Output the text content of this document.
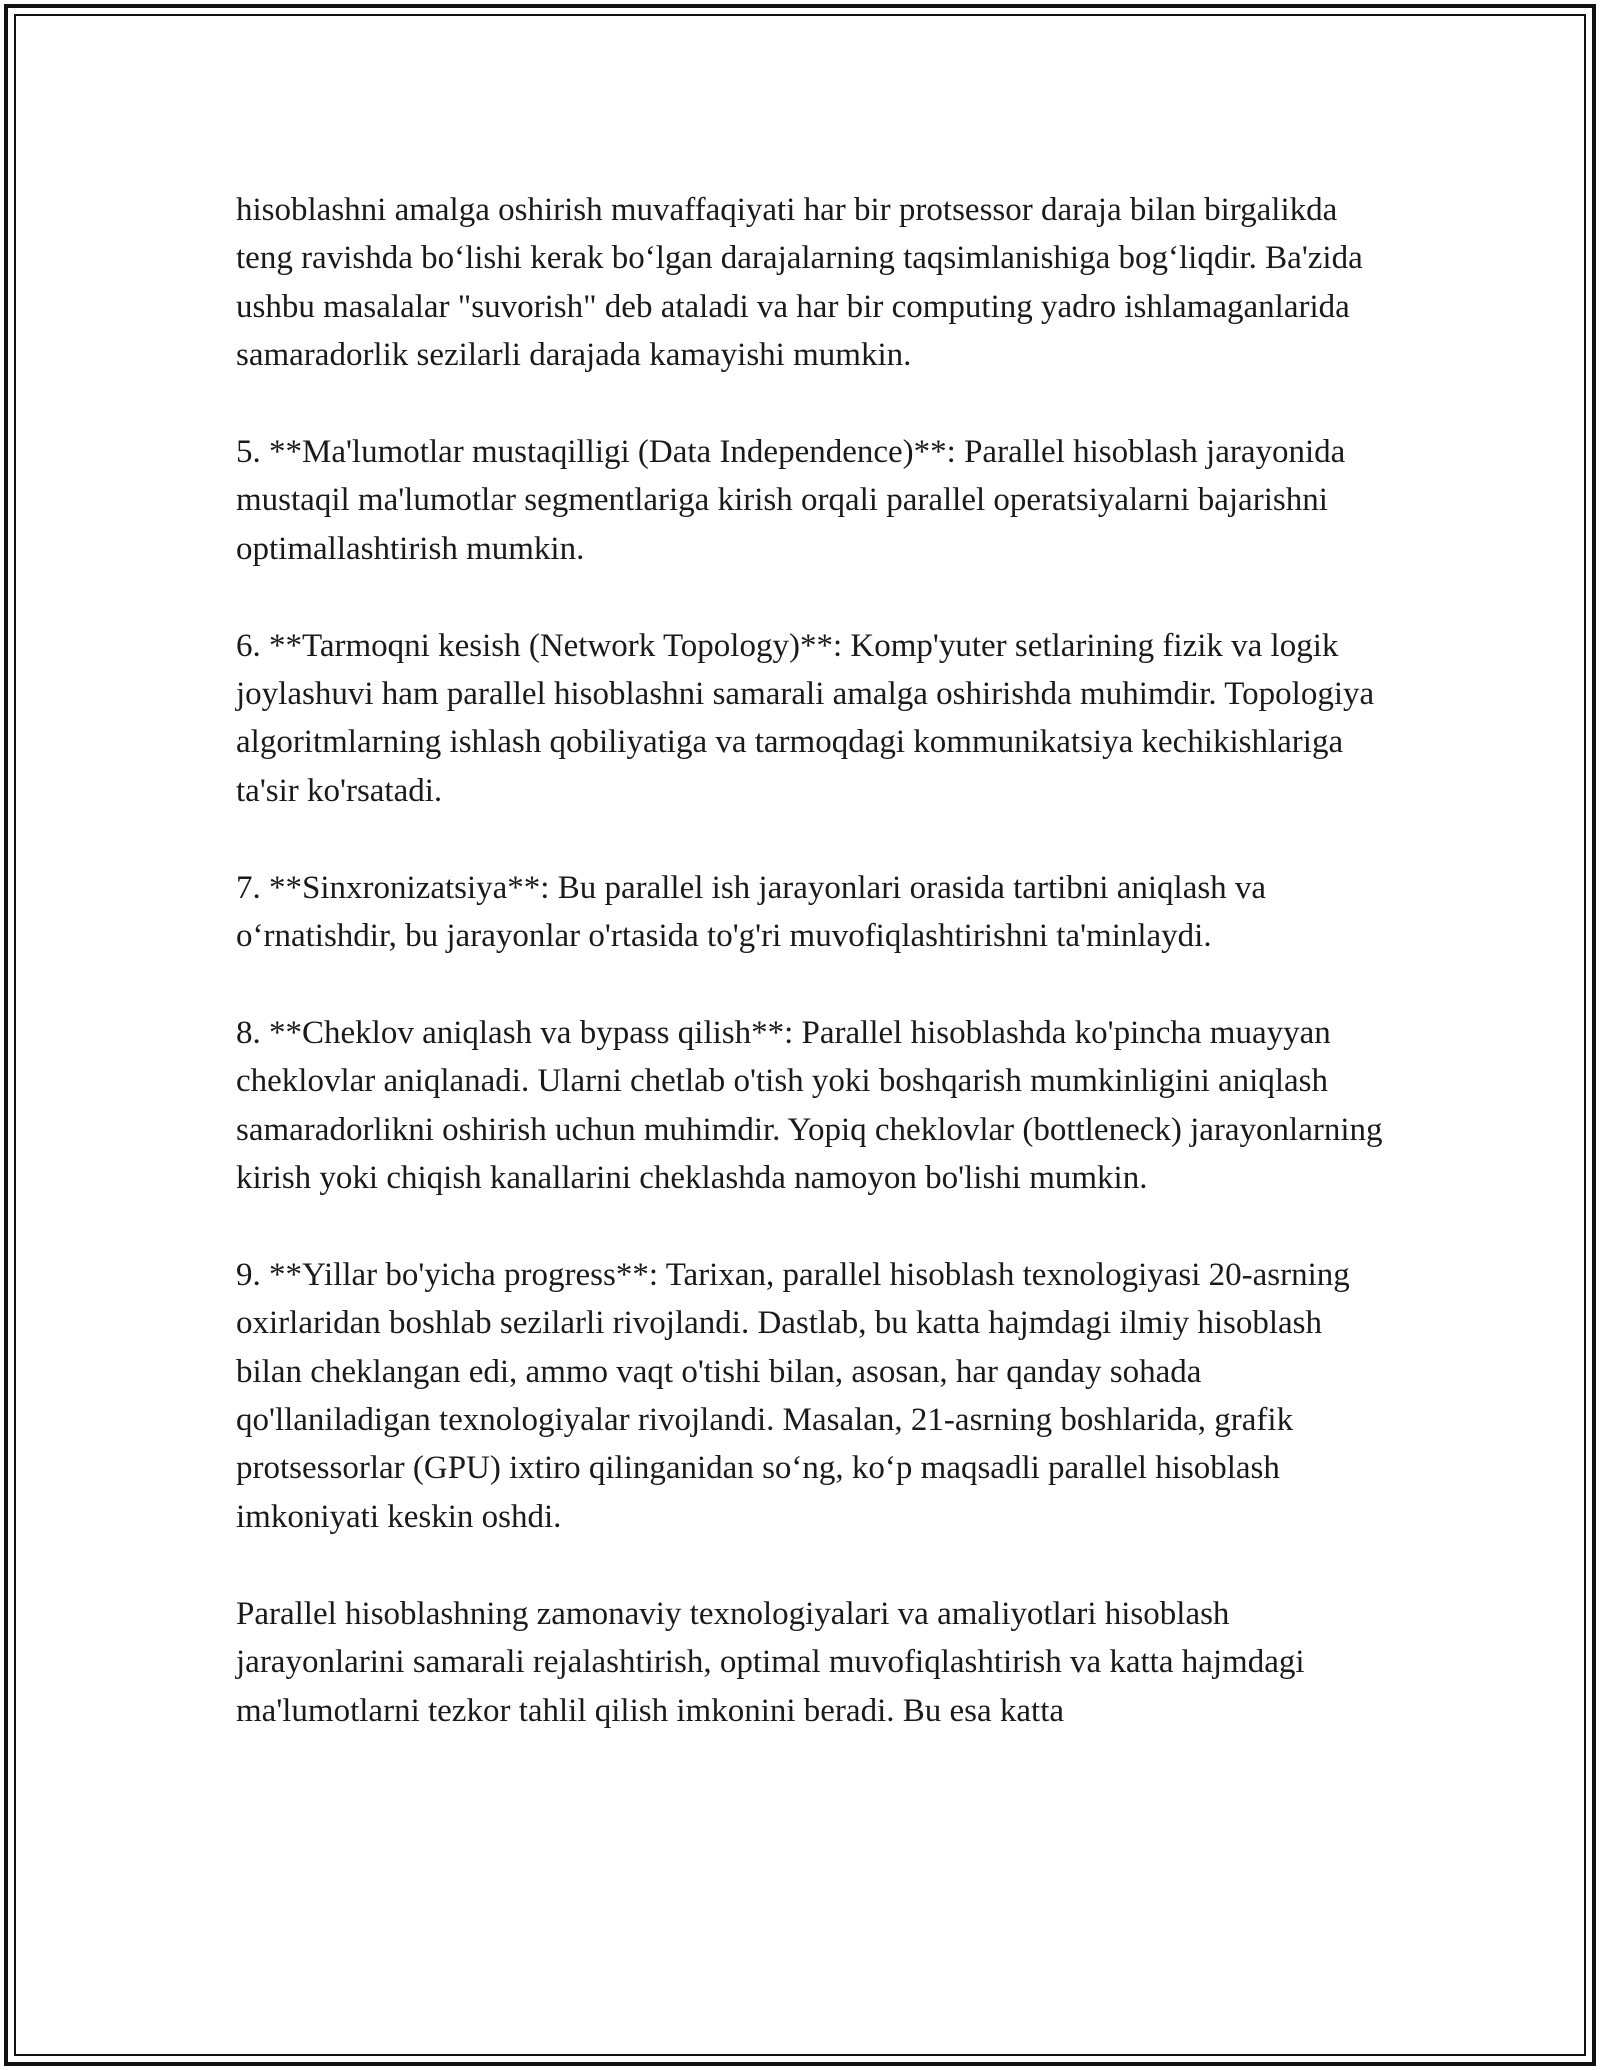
hisoblashni amalga oshirish muvaffaqiyati har bir protsessor daraja bilan birgalikda teng ravishda boʻlishi kerak boʻlgan darajalarning taqsimlanishiga bogʻliqdir. Ba'zida ushbu masalalar "suvorish" deb ataladi va har bir computing yadro ishlamaganlarida samaradorlik sezilarli darajada kamayishi mumkin.

5. **Ma'lumotlar mustaqilligi (Data Independence)**: Parallel hisoblash jarayonida mustaqil ma'lumotlar segmentlariga kirish orqali parallel operatsiyalarni bajarishni optimallashtirish mumkin.

6. **Tarmoqni kesish (Network Topology)**: Komp'yuter setlarining fizik va logik joylashuvi ham parallel hisoblashni samarali amalga oshirishda muhimdir. Topologiya algoritmlarning ishlash qobiliyatiga va tarmoqdagi kommunikatsiya kechikishlariga ta'sir ko'rsatadi.

7. **Sinxronizatsiya**: Bu parallel ish jarayonlari orasida tartibni aniqlash va oʻrnatishdir, bu jarayonlar o'rtasida to'g'ri muvofiqlashtirishni ta'minlaydi.

8. **Cheklov aniqlash va bypass qilish**: Parallel hisoblashda ko'pincha muayyan cheklovlar aniqlanadi. Ularni chetlab o'tish yoki boshqarish mumkinligini aniqlash samaradorlikni oshirish uchun muhimdir. Yopiq cheklovlar (bottleneck) jarayonlarning kirish yoki chiqish kanallarini cheklashda namoyon bo'lishi mumkin.

9. **Yillar bo'yicha progress**: Tarixan, parallel hisoblash texnologiyasi 20-asrning oxirlaridan boshlab sezilarli rivojlandi. Dastlab, bu katta hajmdagi ilmiy hisoblash bilan cheklangan edi, ammo vaqt o'tishi bilan, asosan, har qanday sohada qo'llaniladigan texnologiyalar rivojlandi. Masalan, 21-asrning boshlarida, grafik protsessorlar (GPU) ixtiro qilinganidan soʻng, koʻp maqsadli parallel hisoblash imkoniyati keskin oshdi.

Parallel hisoblashning zamonaviy texnologiyalari va amaliyotlari hisoblash jarayonlarini samarali rejalashtirish, optimal muvofiqlashtirish va katta hajmdagi ma'lumotlarni tezkor tahlil qilish imkonini beradi. Bu esa katta
